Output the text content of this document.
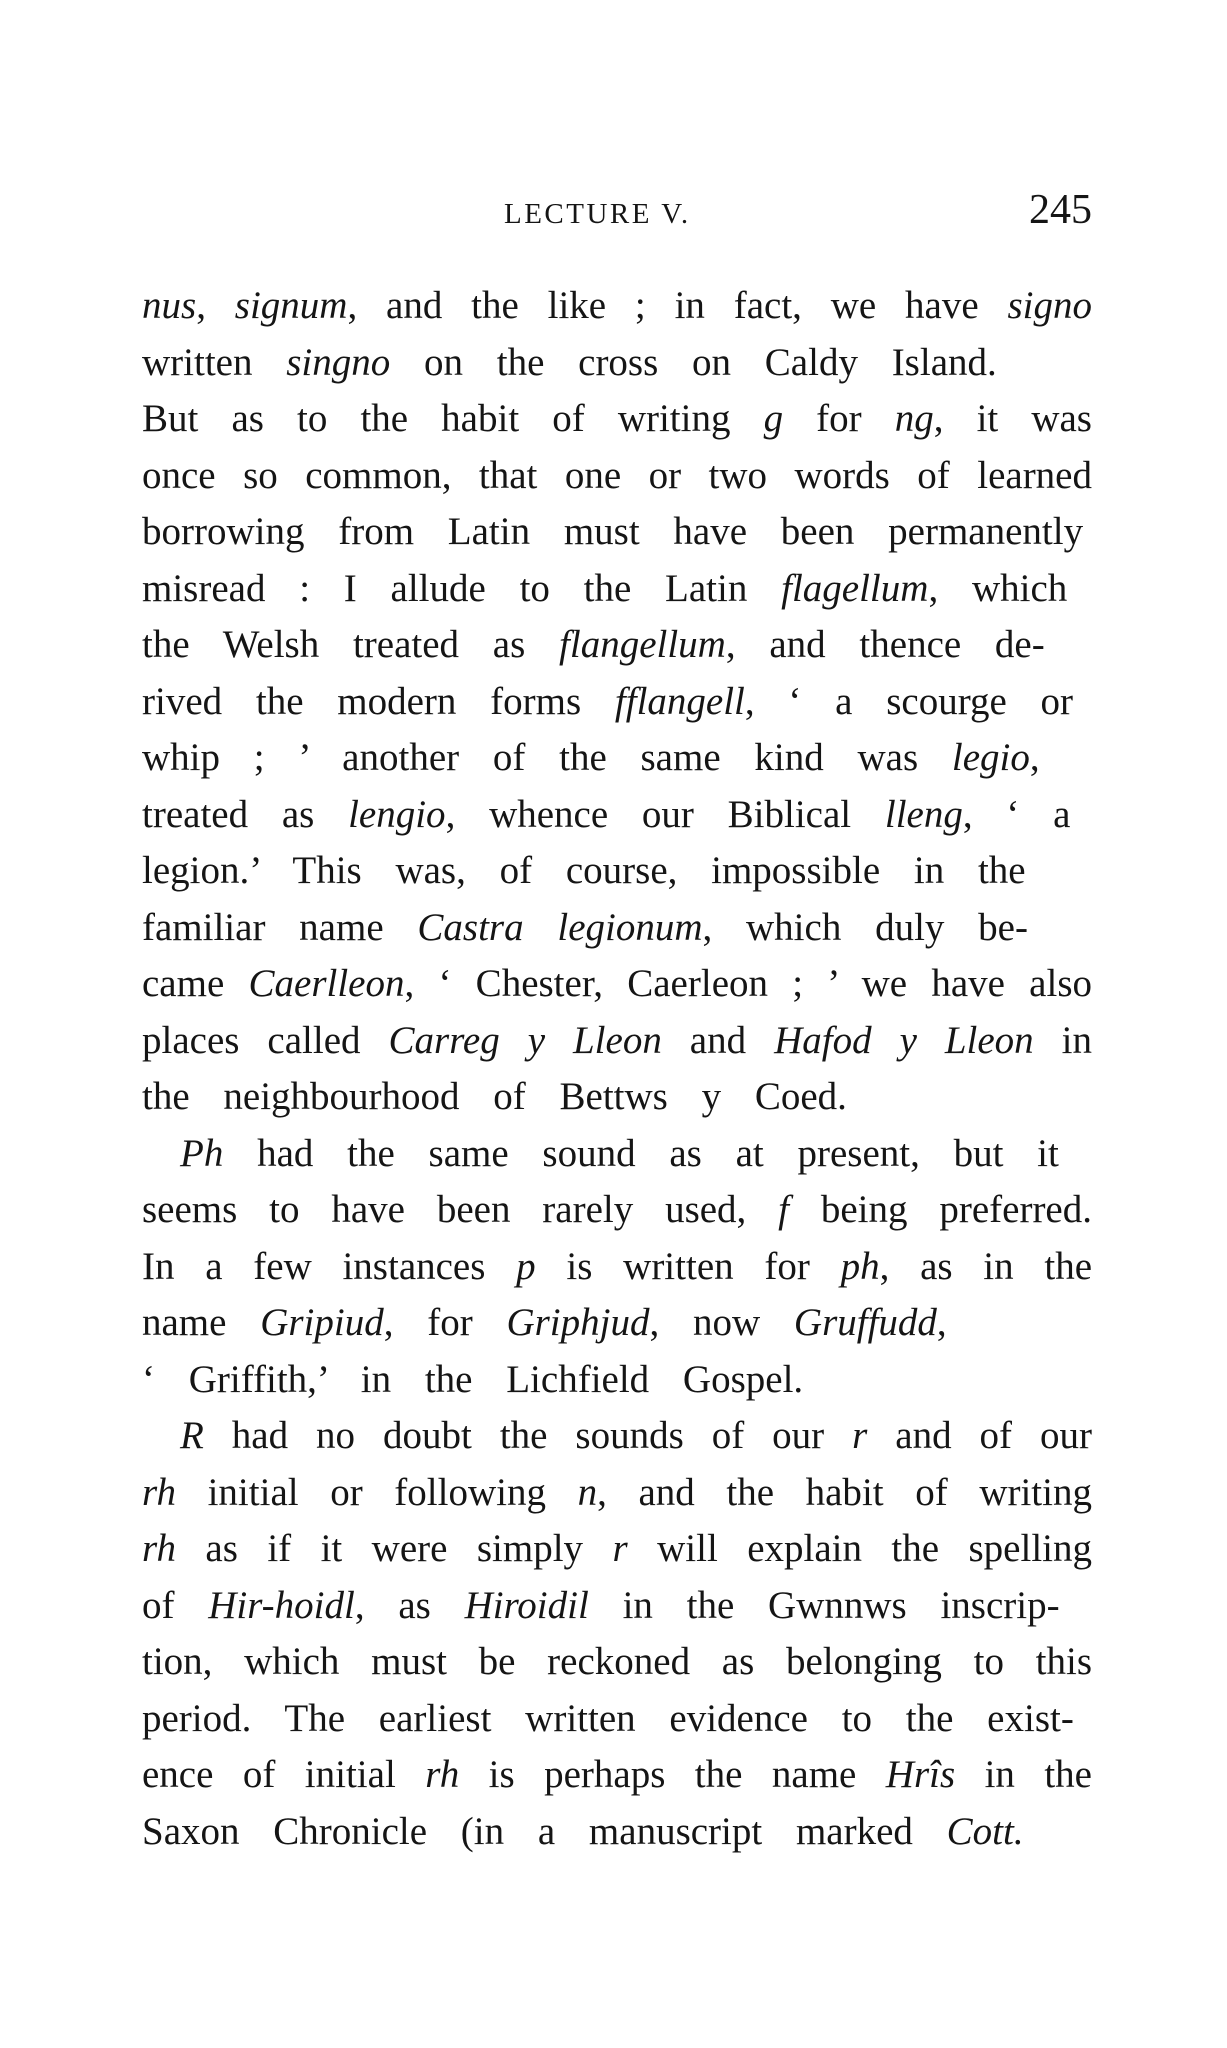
LECTURE V.	245
nus, signum, and the like ; in fact, we have signo
written singno on the cross on Caldy Island.
But as to the habit of writing g for ng, it was
once so common, that one or two words of learned
borrowing from Latin must have been permanently
misread : I allude to the Latin flagellum, which
the Welsh treated as flangellum, and thence de-
rived the modern forms fflangell, ‘ a scourge or
whip ; ’ another of the same kind was legio,
treated as lengio, whence our Biblical lleng, ‘ a
legion.’ This was, of course, impossible in the
familiar name Castra legionum, which duly be-
came Caerlleon, ‘ Chester, Caerleon ; ’ we have also
places called Carreg y Lleon and Hafod y Lleon in
the neighbourhood of Bettws y Coed.
Ph had the same sound as at present, but it
seems to have been rarely used, f being preferred.
In a few instances p is written for ph, as in the
name Gripiud, for Griphjud, now Gruffudd,
‘ Griffith,’ in the Lichfield Gospel.
R had no doubt the sounds of our r and of our
rh initial or following n, and the habit of writing
rh as if it were simply r will explain the spelling
of Hir-hoidl, as Hiroidil in the Gwnnws inscrip-
tion, which must be reckoned as belonging to this
period. The earliest written evidence to the exist-
ence of initial rh is perhaps the name Hrîs in the
Saxon Chronicle (in a manuscript marked Cott.
